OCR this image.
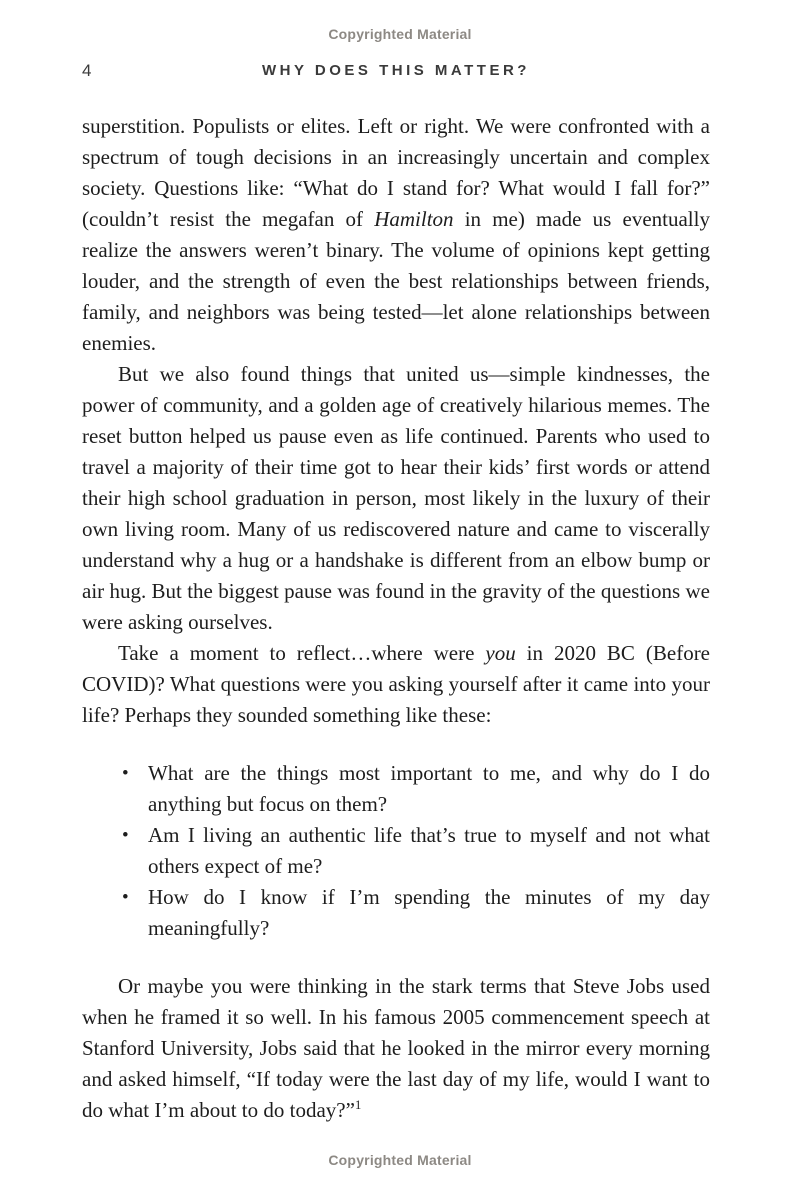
Copyrighted Material
4	WHY DOES THIS MATTER?

superstition. Populists or elites. Left or right. We were confronted with a spectrum of tough decisions in an increasingly uncertain and complex society. Questions like: “What do I stand for? What would I fall for?” (couldn’t resist the megafan of Hamilton in me) made us eventually realize the answers weren’t binary. The volume of opinions kept getting louder, and the strength of even the best relationships between friends, family, and neighbors was being tested—let alone relationships between enemies.

But we also found things that united us—simple kindnesses, the power of community, and a golden age of creatively hilarious memes. The reset button helped us pause even as life continued. Parents who used to travel a majority of their time got to hear their kids’ first words or attend their high school graduation in person, most likely in the luxury of their own living room. Many of us rediscovered nature and came to viscerally understand why a hug or a handshake is different from an elbow bump or air hug. But the biggest pause was found in the gravity of the questions we were asking ourselves.

Take a moment to reflect…where were you in 2020 BC (Before COVID)? What questions were you asking yourself after it came into your life? Perhaps they sounded something like these:

• What are the things most important to me, and why do I do anything but focus on them?
• Am I living an authentic life that’s true to myself and not what others expect of me?
• How do I know if I’m spending the minutes of my day meaningfully?

Or maybe you were thinking in the stark terms that Steve Jobs used when he framed it so well. In his famous 2005 commencement speech at Stanford University, Jobs said that he looked in the mirror every morning and asked himself, “If today were the last day of my life, would I want to do what I’m about to do today?”$^1$

Copyrighted Material
